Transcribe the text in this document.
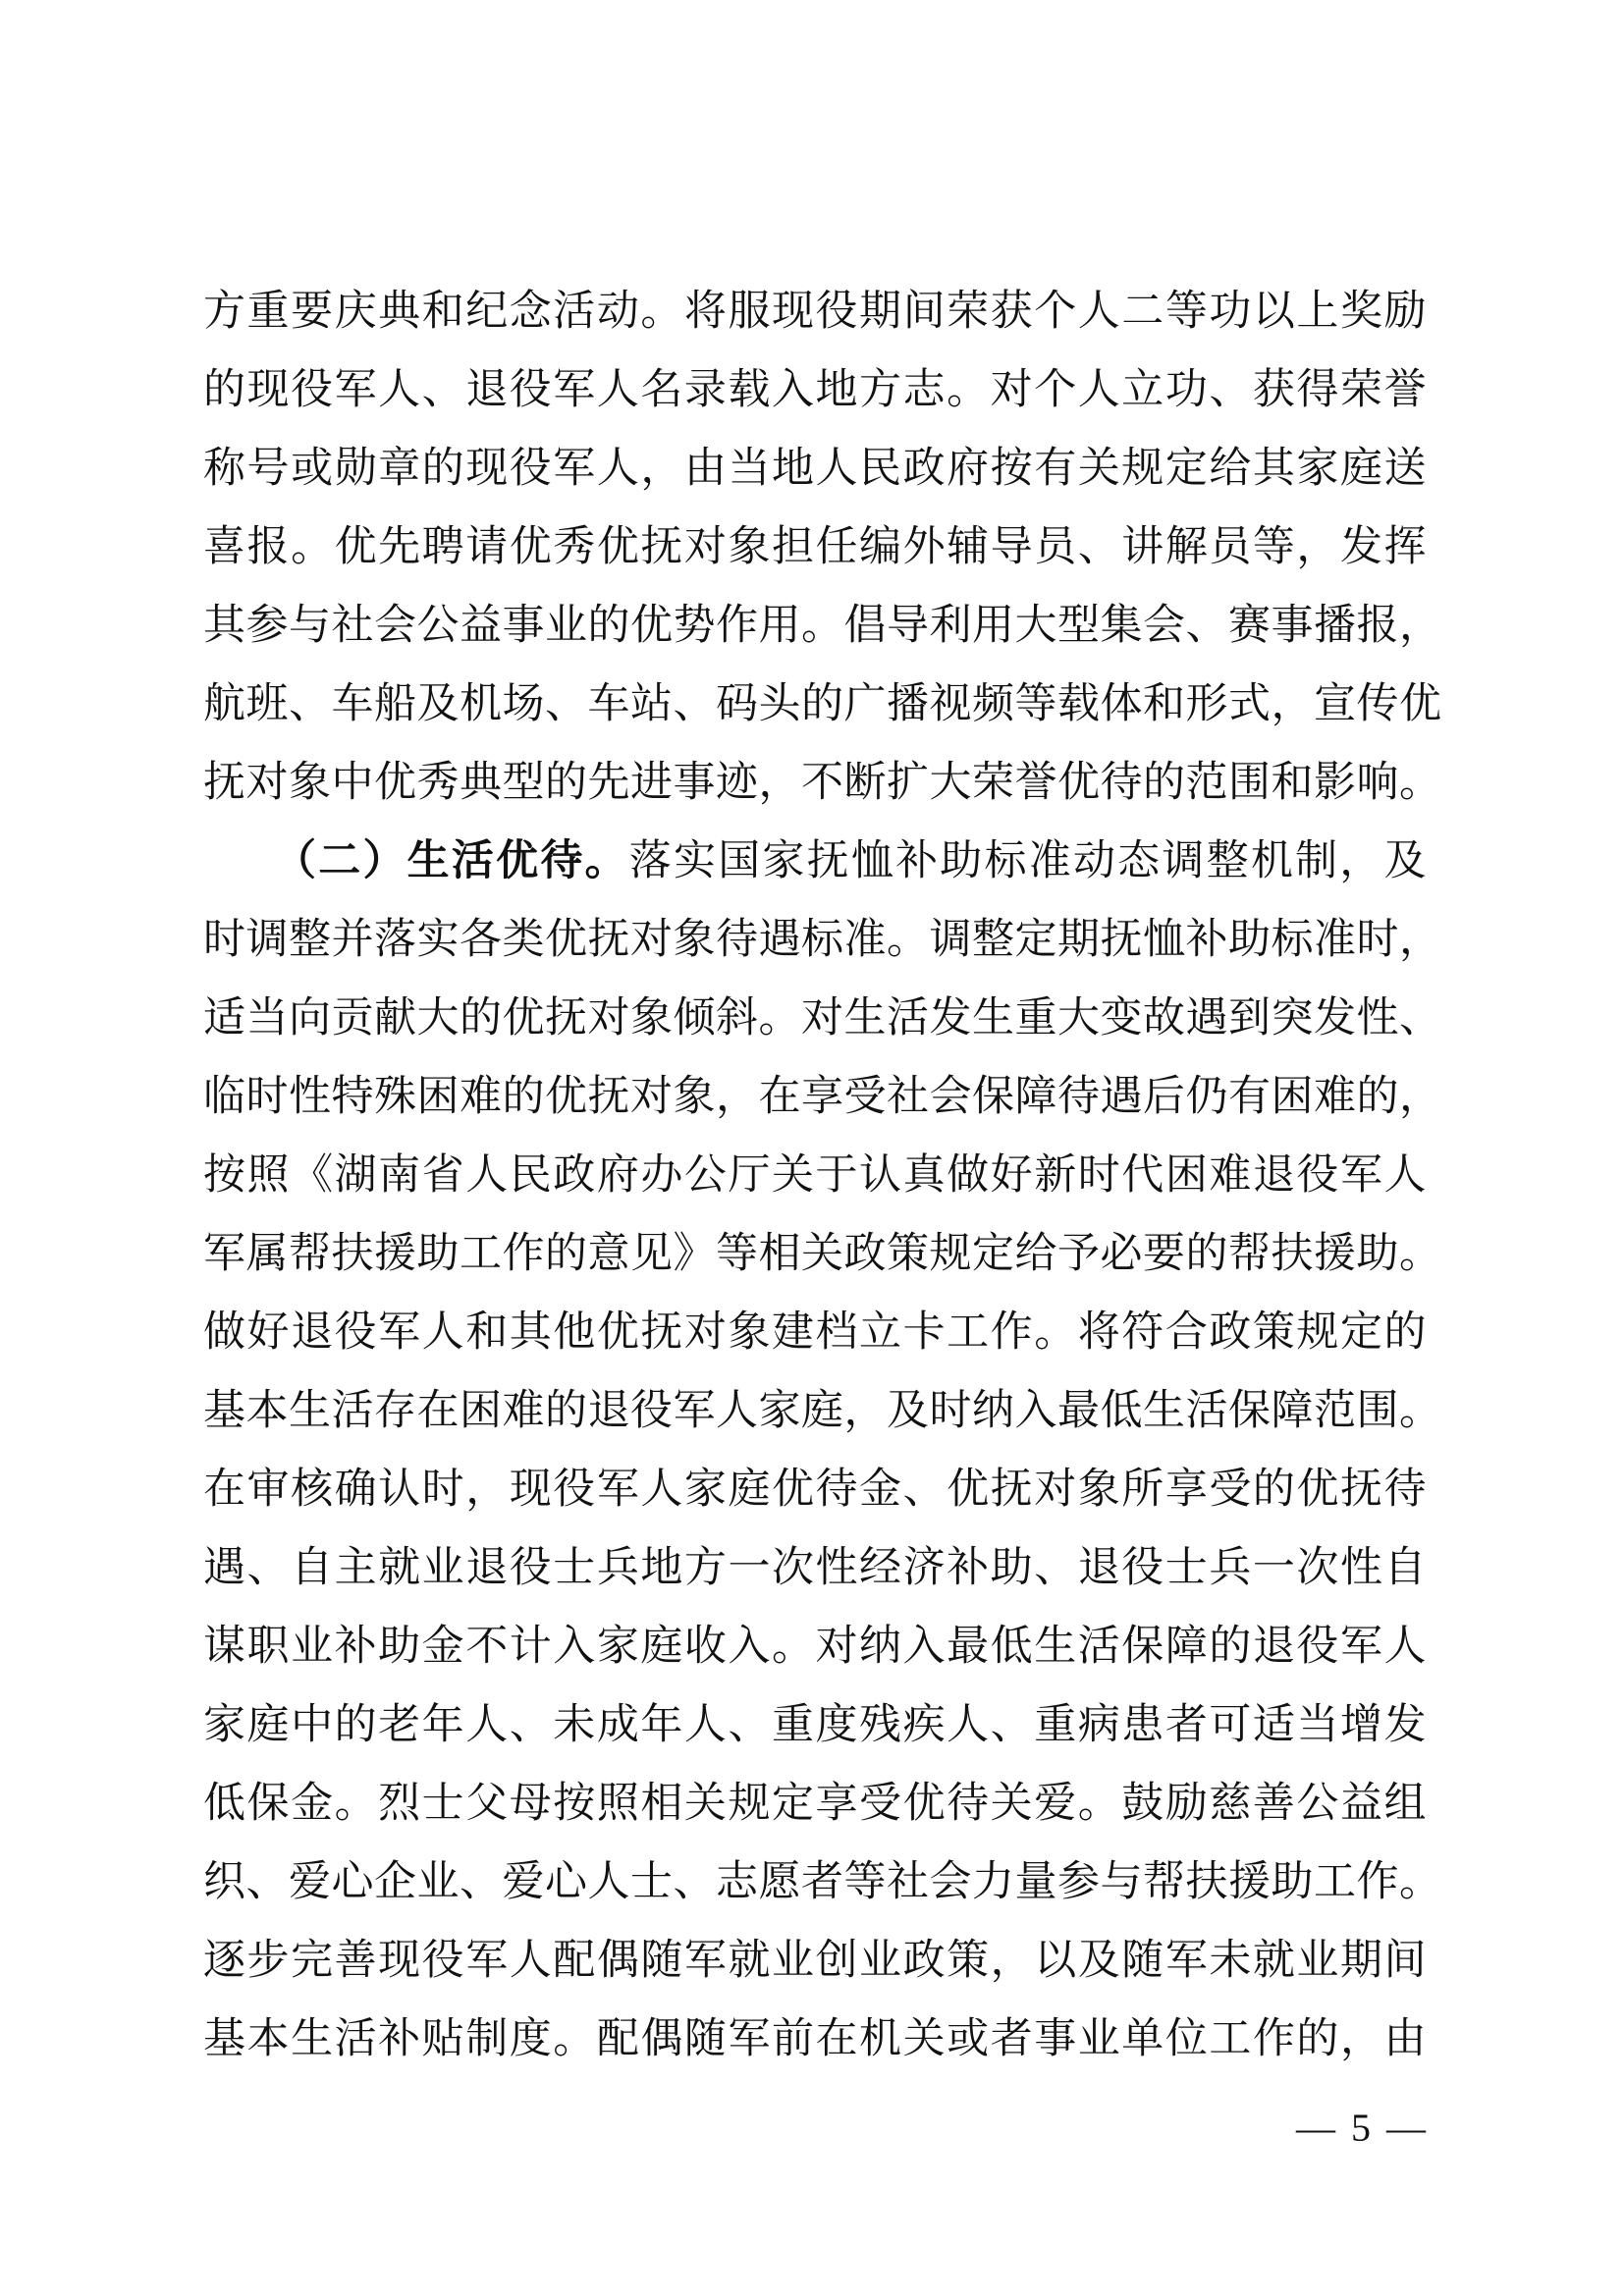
方重要庆典和纪念活动。将服现役期间荣获个人二等功以上奖励
的现役军人、退役军人名录载入地方志。对个人立功、获得荣誉
称号或勋章的现役军人，由当地人民政府按有关规定给其家庭送
喜报。优先聘请优秀优抚对象担任编外辅导员、讲解员等，发挥
其参与社会公益事业的优势作用。倡导利用大型集会、赛事播报，
航班、车船及机场、车站、码头的广播视频等载体和形式，宣传优
抚对象中优秀典型的先进事迹，不断扩大荣誉优待的范围和影响。
（二）生活优待。落实国家抚恤补助标准动态调整机制，及
时调整并落实各类优抚对象待遇标准。调整定期抚恤补助标准时，
适当向贡献大的优抚对象倾斜。对生活发生重大变故遇到突发性、
临时性特殊困难的优抚对象，在享受社会保障待遇后仍有困难的，
按照《湖南省人民政府办公厅关于认真做好新时代困难退役军人
军属帮扶援助工作的意见》等相关政策规定给予必要的帮扶援助。
做好退役军人和其他优抚对象建档立卡工作。将符合政策规定的
基本生活存在困难的退役军人家庭，及时纳入最低生活保障范围。
在审核确认时，现役军人家庭优待金、优抚对象所享受的优抚待
遇、自主就业退役士兵地方一次性经济补助、退役士兵一次性自
谋职业补助金不计入家庭收入。对纳入最低生活保障的退役军人
家庭中的老年人、未成年人、重度残疾人、重病患者可适当增发
低保金。烈士父母按照相关规定享受优待关爱。鼓励慈善公益组
织、爱心企业、爱心人士、志愿者等社会力量参与帮扶援助工作。
逐步完善现役军人配偶随军就业创业政策，以及随军未就业期间
基本生活补贴制度。配偶随军前在机关或者事业单位工作的，由
— 5 —
